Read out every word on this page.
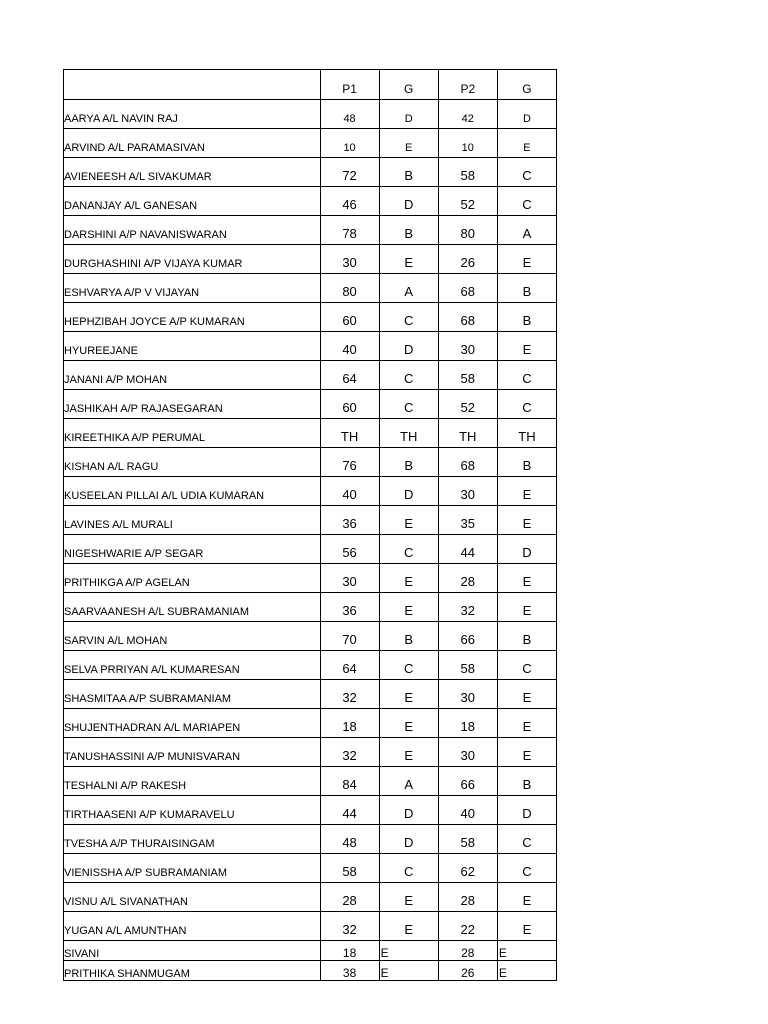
	P1	G	P2	G
AARYA A/L NAVIN RAJ	48	D	42	D
ARVIND A/L PARAMASIVAN	10	E	10	E
AVIENEESH A/L SIVAKUMAR	72	B	58	C
DANANJAY A/L GANESAN	46	D	52	C
DARSHINI A/P NAVANISWARAN	78	B	80	A
DURGHASHINI A/P VIJAYA KUMAR	30	E	26	E
ESHVARYA A/P V VIJAYAN	80	A	68	B
HEPHZIBAH JOYCE A/P KUMARAN	60	C	68	B
HYUREEJANE	40	D	30	E
JANANI A/P MOHAN	64	C	58	C
JASHIKAH A/P RAJASEGARAN	60	C	52	C
KIREETHIKA A/P PERUMAL	TH	TH	TH	TH
KISHAN A/L RAGU	76	B	68	B
KUSEELAN PILLAI A/L UDIA KUMARAN	40	D	30	E
LAVINES A/L MURALI	36	E	35	E
NIGESHWARIE A/P SEGAR	56	C	44	D
PRITHIKGA A/P AGELAN	30	E	28	E
SAARVAANESH A/L SUBRAMANIAM	36	E	32	E
SARVIN A/L MOHAN	70	B	66	B
SELVA PRRIYAN A/L KUMARESAN	64	C	58	C
SHASMITAA A/P SUBRAMANIAM	32	E	30	E
SHUJENTHADRAN A/L MARIAPEN	18	E	18	E
TANUSHASSINI A/P MUNISVARAN	32	E	30	E
TESHALNI A/P RAKESH	84	A	66	B
TIRTHAASENI A/P KUMARAVELU	44	D	40	D
TVESHA A/P THURAISINGAM	48	D	58	C
VIENISSHA A/P SUBRAMANIAM	58	C	62	C
VISNU A/L SIVANATHAN	28	E	28	E
YUGAN A/L AMUNTHAN	32	E	22	E
SIVANI	18	E	28	E
PRITHIKA SHANMUGAM	38	E	26	E
